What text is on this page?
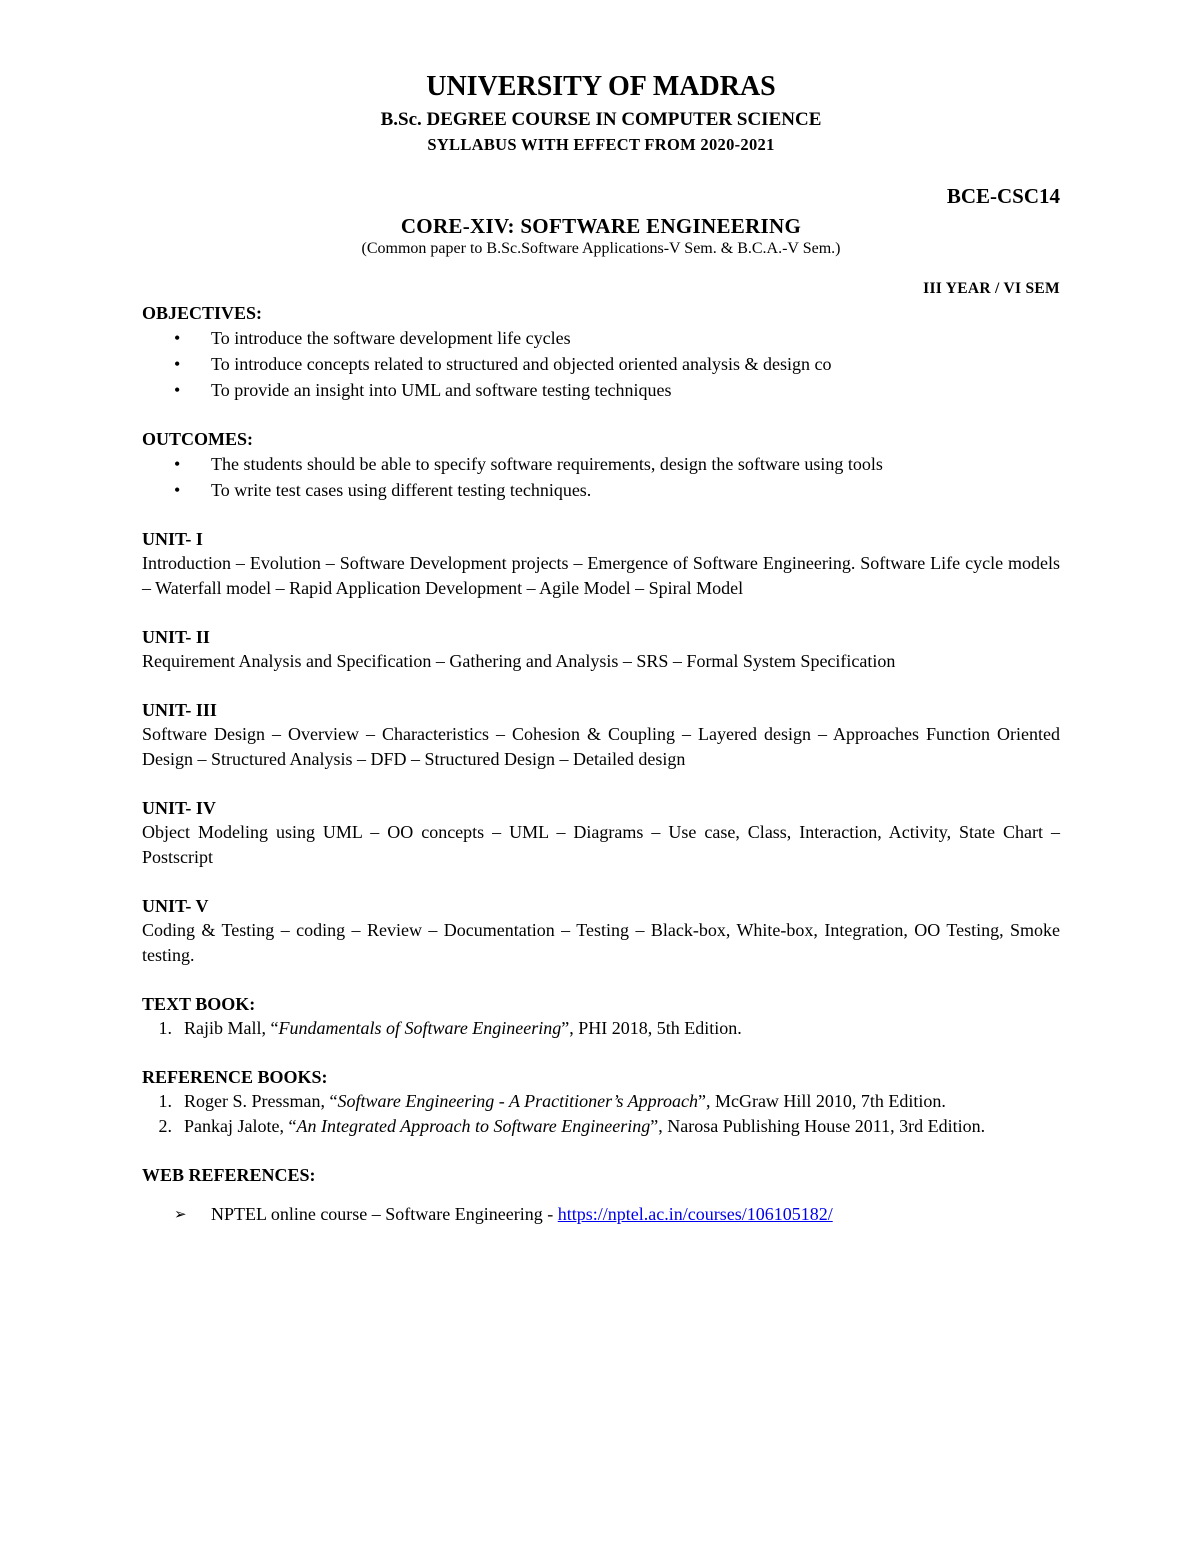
UNIVERSITY OF MADRAS
B.Sc. DEGREE COURSE IN COMPUTER SCIENCE
SYLLABUS WITH EFFECT FROM 2020-2021
BCE-CSC14
CORE-XIV: SOFTWARE ENGINEERING
(Common paper to B.Sc.Software Applications-V Sem. & B.C.A.-V Sem.)
III YEAR / VI SEM
OBJECTIVES:
• To introduce the software development life cycles
• To introduce concepts related to structured and objected oriented analysis & design co
• To provide an insight into UML and software testing techniques
OUTCOMES:
• The students should be able to specify software requirements, design the software using tools
• To write test cases using different testing techniques.
UNIT- I
Introduction – Evolution – Software Development projects – Emergence of Software Engineering. Software Life cycle models – Waterfall model – Rapid Application Development – Agile Model – Spiral Model
UNIT- II
Requirement Analysis and Specification – Gathering and Analysis – SRS – Formal System Specification
UNIT- III
Software Design – Overview – Characteristics – Cohesion & Coupling – Layered design – Approaches Function Oriented Design – Structured Analysis – DFD – Structured Design – Detailed design
UNIT- IV
Object Modeling using UML – OO concepts – UML – Diagrams – Use case, Class, Interaction, Activity, State Chart – Postscript
UNIT- V
Coding & Testing – coding – Review – Documentation – Testing – Black-box, White-box, Integration, OO Testing, Smoke testing.
TEXT BOOK:
1. Rajib Mall, “Fundamentals of Software Engineering”, PHI 2018, 5th Edition.
REFERENCE BOOKS:
1. Roger S. Pressman, “Software Engineering - A Practitioner’s Approach”, McGraw Hill 2010, 7th Edition.
2. Pankaj Jalote, “An Integrated Approach to Software Engineering”, Narosa Publishing House 2011, 3rd Edition.
WEB REFERENCES:
➢ NPTEL online course – Software Engineering - https://nptel.ac.in/courses/106105182/
